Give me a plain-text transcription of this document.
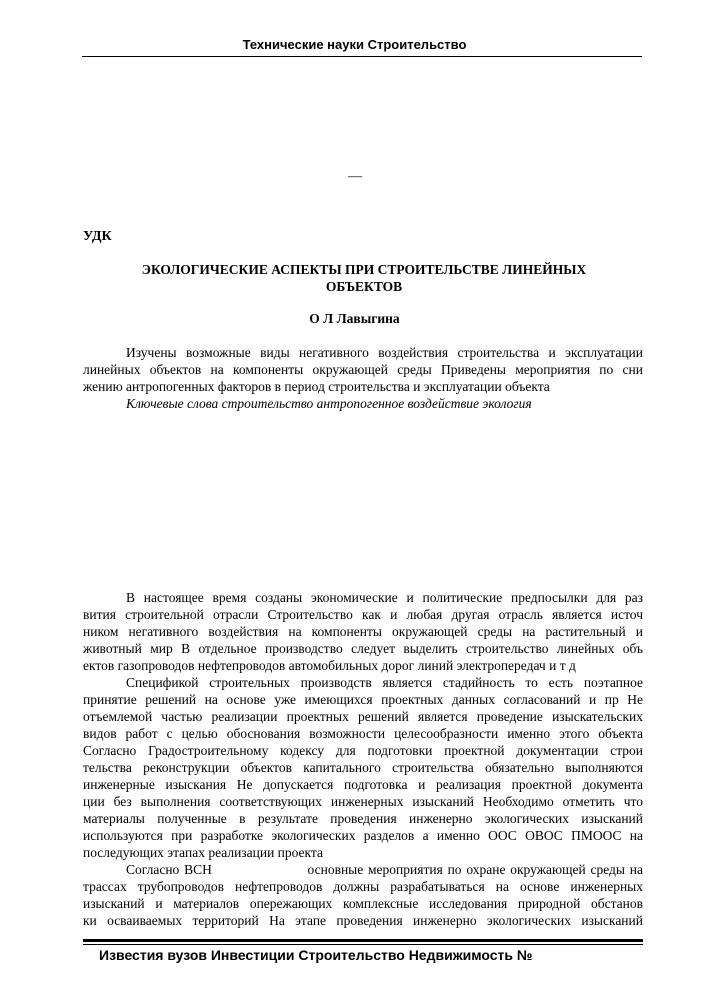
Технические науки Строительство
—
УДК
ЭКОЛОГИЧЕСКИЕ АСПЕКТЫ ПРИ СТРОИТЕЛЬСТВЕ ЛИНЕЙНЫХ
ОБЪЕКТОВ
О Л Лавыгина
Изучены возможные виды негативного воздействия строительства и эксплуатации
линейных объектов на компоненты окружающей среды Приведены мероприятия по сни
жению антропогенных факторов в период строительства и эксплуатации объекта
Ключевые слова строительство антропогенное воздействие экология
В настоящее время созданы экономические и политические предпосылки для раз
вития строительной отрасли Строительство как и любая другая отрасль является источ
ником негативного воздействия на компоненты окружающей среды на растительный и
животный мир В отдельное производство следует выделить строительство линейных объ
ектов газопроводов нефтепроводов автомобильных дорог линий электропередач и т д
Спецификой строительных производств является стадийность то есть поэтапное
принятие решений на основе уже имеющихся проектных данных согласований и пр Не
отъемлемой частью реализации проектных решений является проведение изыскательских
видов работ с целью обоснования возможности целесообразности именно этого объекта
Согласно Градостроительному кодексу для подготовки проектной документации строи
тельства реконструкции объектов капитального строительства обязательно выполняются
инженерные изыскания Не допускается подготовка и реализация проектной документа
ции без выполнения соответствующих инженерных изысканий Необходимо отметить что
материалы полученные в результате проведения инженерно экологических изысканий
используются при разработке экологических разделов а именно ООС ОВОС ПМООС на
последующих этапах реализации проекта
Согласно ВСН                    основные мероприятия по охране окружающей среды на
трассах трубопроводов нефтепроводов должны разрабатываться на основе инженерных
изысканий и материалов опережающих комплексные исследования природной обстанов
ки осваиваемых территорий На этапе проведения инженерно экологических изысканий
Известия вузов Инвестиции Строительство Недвижимость №
